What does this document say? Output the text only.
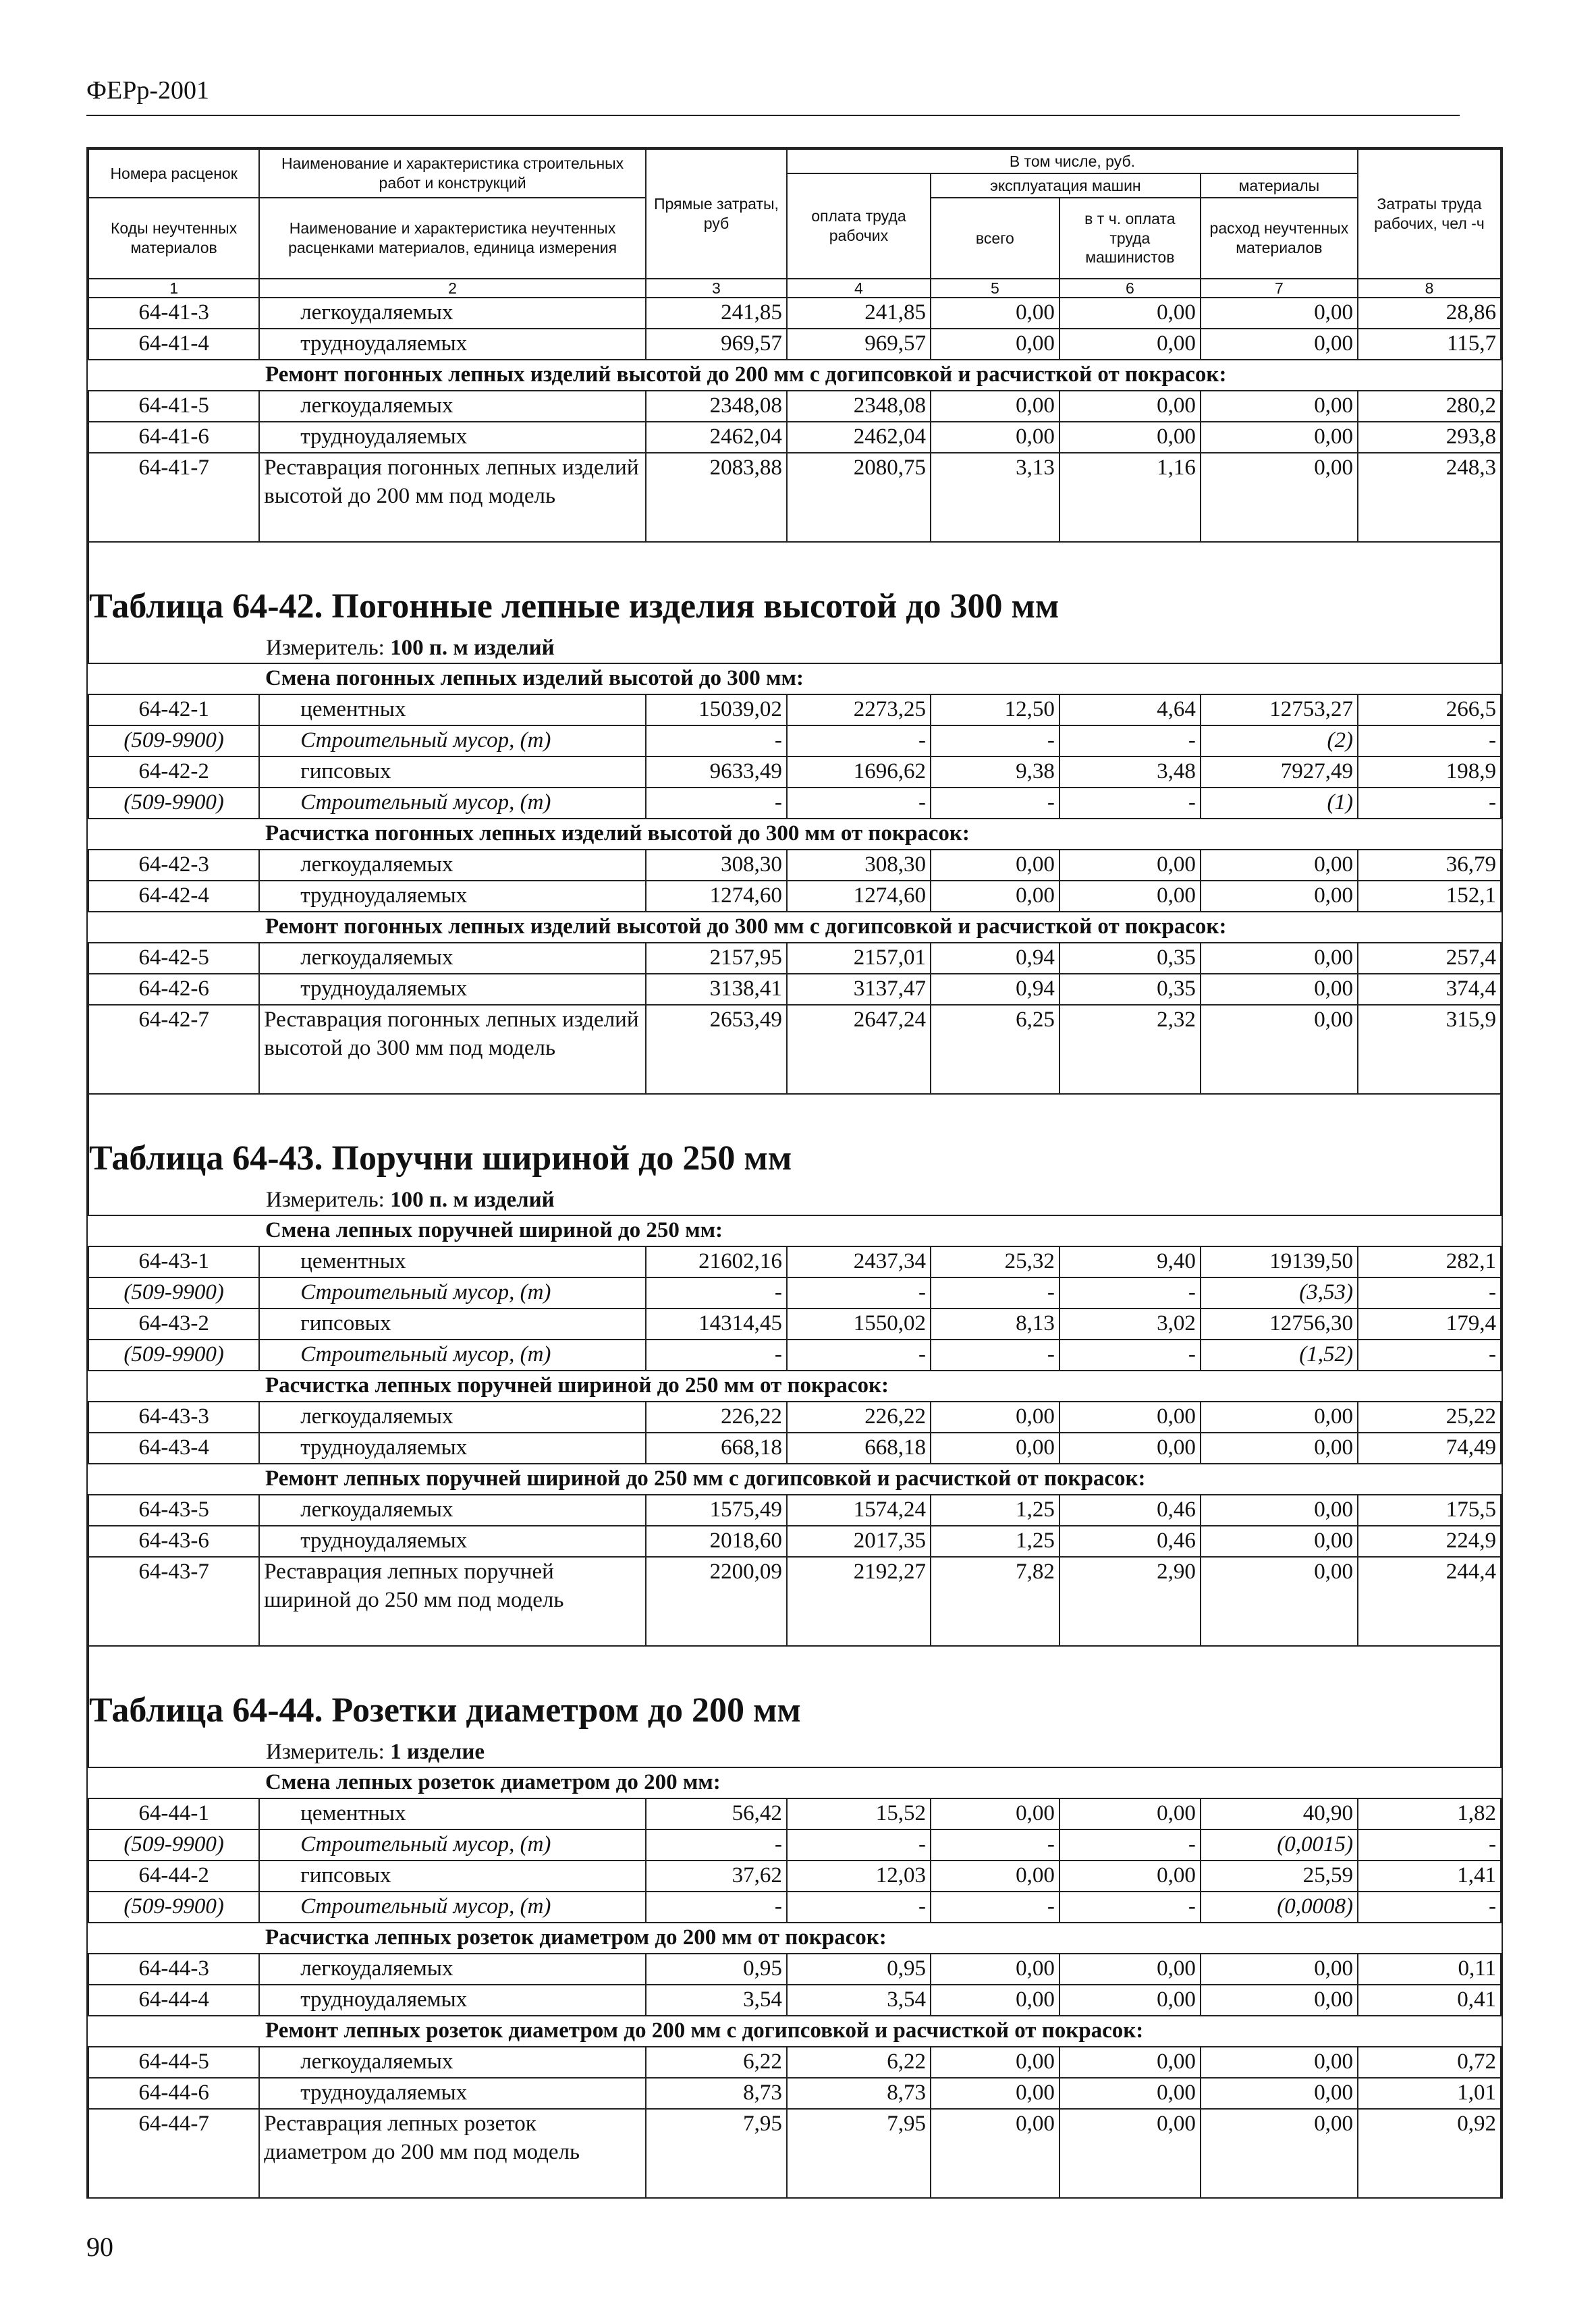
ФЕРр-2001
Номера расценок	Наименование и характеристика строительных работ и конструкций	Прямые затраты, руб	В том числе, руб.				Затраты труда рабочих, чел -ч
			оплата труда рабочих	эксплуатация машин		материалы	
Коды неучтенных материалов	Наименование и характеристика неучтенных расценками материалов, единица измерения			всего	в т ч. оплата труда машинистов	расход неучтенных материалов	

1	2	3	4	5	6	7	8
64-41-3	легкоудаляемых	241,85	241,85	0,00	0,00	0,00	28,86
64-41-4	трудноудаляемых	969,57	969,57	0,00	0,00	0,00	115,7
Ремонт погонных лепных изделий высотой до 200 мм с догипсовкой и расчисткой от покрасок:							
64-41-5	легкоудаляемых	2348,08	2348,08	0,00	0,00	0,00	280,2
64-41-6	трудноудаляемых	2462,04	2462,04	0,00	0,00	0,00	293,8
64-41-7	Реставрация погонных лепных изделий высотой до 200 мм под модель	2083,88	2080,75	3,13	1,16	0,00	248,3

Таблица 64-42. Погонные лепные изделия высотой до 300 мм							
Измеритель: 100 п. м изделий							
Смена погонных лепных изделий высотой до 300 мм:							
64-42-1	цементных	15039,02	2273,25	12,50	4,64	12753,27	266,5
(509-9900)	Строительный мусор, (т)	-	-	-	-	(2)	-
64-42-2	гипсовых	9633,49	1696,62	9,38	3,48	7927,49	198,9
(509-9900)	Строительный мусор, (т)	-	-	-	-	(1)	-
Расчистка погонных лепных изделий высотой до 300 мм от покрасок:							
64-42-3	легкоудаляемых	308,30	308,30	0,00	0,00	0,00	36,79
64-42-4	трудноудаляемых	1274,60	1274,60	0,00	0,00	0,00	152,1
Ремонт погонных лепных изделий высотой до 300 мм с догипсовкой и расчисткой от покрасок:							
64-42-5	легкоудаляемых	2157,95	2157,01	0,94	0,35	0,00	257,4
64-42-6	трудноудаляемых	3138,41	3137,47	0,94	0,35	0,00	374,4
64-42-7	Реставрация погонных лепных изделий высотой до 300 мм под модель	2653,49	2647,24	6,25	2,32	0,00	315,9

Таблица 64-43. Поручни шириной до 250 мм							
Измеритель: 100 п. м изделий							
Смена лепных поручней шириной до 250 мм:							
64-43-1	цементных	21602,16	2437,34	25,32	9,40	19139,50	282,1
(509-9900)	Строительный мусор, (т)	-	-	-	-	(3,53)	-
64-43-2	гипсовых	14314,45	1550,02	8,13	3,02	12756,30	179,4
(509-9900)	Строительный мусор, (т)	-	-	-	-	(1,52)	-
Расчистка лепных поручней шириной до 250 мм от покрасок:							
64-43-3	легкоудаляемых	226,22	226,22	0,00	0,00	0,00	25,22
64-43-4	трудноудаляемых	668,18	668,18	0,00	0,00	0,00	74,49
Ремонт лепных поручней шириной до 250 мм с догипсовкой и расчисткой от покрасок:							
64-43-5	легкоудаляемых	1575,49	1574,24	1,25	0,46	0,00	175,5
64-43-6	трудноудаляемых	2018,60	2017,35	1,25	0,46	0,00	224,9
64-43-7	Реставрация лепных поручней шириной до 250 мм под модель	2200,09	2192,27	7,82	2,90	0,00	244,4

Таблица 64-44. Розетки диаметром до 200 мм							
Измеритель: 1 изделие							
Смена лепных розеток диаметром до 200 мм:							
64-44-1	цементных	56,42	15,52	0,00	0,00	40,90	1,82
(509-9900)	Строительный мусор, (т)	-	-	-	-	(0,0015)	-
64-44-2	гипсовых	37,62	12,03	0,00	0,00	25,59	1,41
(509-9900)	Строительный мусор, (т)	-	-	-	-	(0,0008)	-
Расчистка лепных розеток диаметром до 200 мм от покрасок:							
64-44-3	легкоудаляемых	0,95	0,95	0,00	0,00	0,00	0,11
64-44-4	трудноудаляемых	3,54	3,54	0,00	0,00	0,00	0,41
Ремонт лепных розеток диаметром до 200 мм с догипсовкой и расчисткой от покрасок:							
64-44-5	легкоудаляемых	6,22	6,22	0,00	0,00	0,00	0,72
64-44-6	трудноудаляемых	8,73	8,73	0,00	0,00	0,00	1,01
64-44-7	Реставрация лепных розеток диаметром до 200 мм под модель	7,95	7,95	0,00	0,00	0,00	0,92
90
